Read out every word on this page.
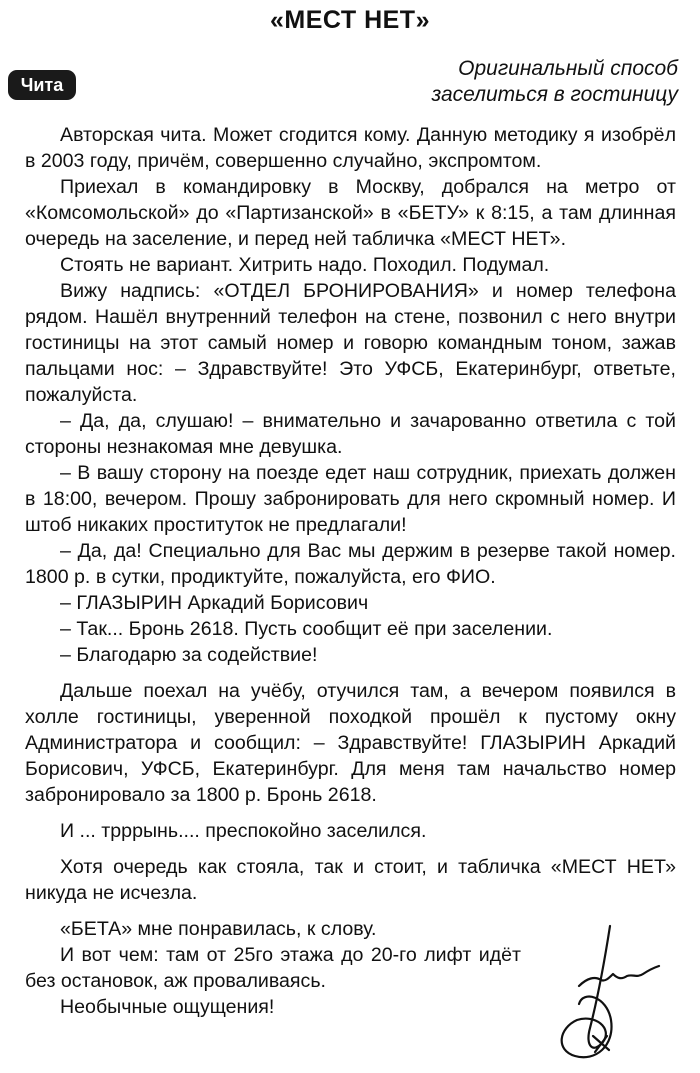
«МЕСТ НЕТ»
Чита
Оригинальный способ
заселиться в гостиницу

Авторская чита. Может сгодится кому. Данную методику я изобрёл в 2003 году, причём, совершенно случайно, экспромтом.

Приехал в командировку в Москву, добрался на метро от «Комсомольской» до «Партизанской» в «БЕТУ» к 8:15, а там длинная очередь на заселение, и перед ней табличка «МЕСТ НЕТ».

Стоять не вариант. Хитрить надо. Походил. Подумал.

Вижу надпись: «ОТДЕЛ БРОНИРОВАНИЯ» и номер телефона рядом. Нашёл внутренний телефон на стене, позвонил с него внутри гостиницы на этот самый номер и говорю командным тоном, зажав пальцами нос: – Здравствуйте! Это УФСБ, Екатеринбург, ответьте, пожалуйста.

– Да, да, слушаю! – внимательно и зачарованно ответила с той стороны незнакомая мне девушка.

– В вашу сторону на поезде едет наш сотрудник, приехать должен в 18:00, вечером. Прошу забронировать для него скромный номер. И штоб никаких проституток не предлагали!

– Да, да! Специально для Вас мы держим в резерве такой номер. 1800 р. в сутки, продиктуйте, пожалуйста, его ФИО.

– ГЛАЗЫРИН Аркадий Борисович

– Так... Бронь 2618. Пусть сообщит её при заселении.

– Благодарю за содействие!

Дальше поехал на учёбу, отучился там, а вечером появился в холле гостиницы, уверенной походкой прошёл к пустому окну Администратора и сообщил: – Здравствуйте! ГЛАЗЫРИН Аркадий Борисович, УФСБ, Екатеринбург. Для меня там начальство номер забронировало за 1800 р. Бронь 2618.

И ... трррынь.... преспокойно заселился.

Хотя очередь как стояла, так и стоит, и табличка «МЕСТ НЕТ» никуда не исчезла.

«БЕТА» мне понравилась, к слову.

И вот чем: там от 25го этажа до 20-го лифт идёт без остановок, аж проваливаясь.

Необычные ощущения!
